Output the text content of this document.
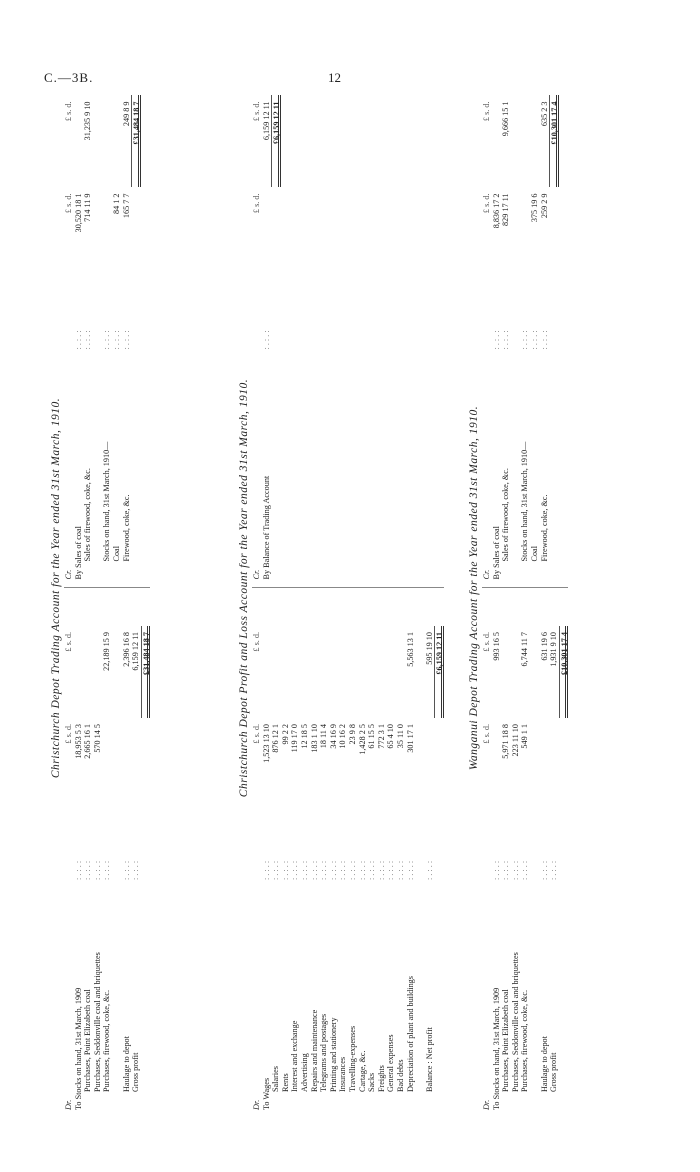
C.—3B.	12
Christchurch Depot Trading Account for the Year ended 31st March, 1910.
Dr.
£ s. d.
£ s. d.
To Stocks on hand, 31st March, 1909
: . : . :
18,953 5 3
Purchases, Point Elizabeth coal
: . : . :
2,665 16 1
Purchases, Seddonville coal and briquettes
: . : . :
570 14 5
Purchases, firewood, coke, &c.
: . : . :
22,189 15 9
Haulage to depot
: . : . :
2,396 16 8
Gross profit
: . : . :
6,159 12 11 £31,484 18 7
Cr.
£ s. d.
£ s. d.
By Sales of coal
: . : . :
30,520 18 1
Sales of firewood, coke, &c.
: . : . :
714 11 9
31,235 9 10
Stocks on hand, 31st March, 1910—
: . : . :
Coal
: . : . :
84 1 2
Firewood, coke, &c.
: . : . :
165 7 7
249 8 9 £31,484 18 7
Christchurch Depot Profit and Loss Account for the Year ended 31st March, 1910.
Dr.
£ s. d.
£ s. d.
To Wages
: . : . :
1,523 13 10
Salaries
: . : . :
876 12 1
Rents
: . : . :
99 2 2
Interest and exchange
: . : . :
119 17 0
Advertising
: . : . :
12 18 5
Repairs and maintenance
: . : . :
183 1 10
Telegrams and postages
: . : . :
18 11 4
Printing and stationery
: . : . :
34 16 9
Insurances
: . : . :
10 16 2
Travelling-expenses
: . : . :
23 9 8
Cartage, &c.
: . : . :
1,428 2 5
Sacks
: . : . :
61 15 5
Freights
: . : . :
772 3 1
General expenses
: . : . :
65 4 10
Bad debts
: . : . :
35 11 0
Depreciation of plant and buildings
: . : . :
301 17 1
5,563 13 1
Balance : Net profit
: . : . :
595 19 10 £6,159 12 11
Cr.
£ s. d.
£ s. d.
By Balance of Trading Account
: . : . :
6,159 12 11 £6,159 12 11
Wanganui Depot Trading Account for the Year ended 31st March, 1910.
Dr.
£ s. d.
£ s. d.
To Stocks on hand, 31st March, 1909
: . : . :
993 16 5
Purchases, Point Elizabeth coal
: . : . :
5,971 18 8
Purchases, Seddonville coal and briquettes
: . : . :
223 11 10
Purchases, firewood, coke, &c.
: . : . :
549 1 1
6,744 11 7
Haulage to depot
: . : . :
631 19 6
Gross profit
: . : . :
1,931 9 10 £10,301 17 4
Cr.
£ s. d.
£ s. d.
By Sales of coal
: . : . :
8,836 17 2
Sales of firewood, coke, &c.
: . : . :
829 17 11
9,666 15 1
Stocks on hand, 31st March, 1910—
: . : . :
Coal
: . : . :
375 19 6
Firewood, coke, &c.
: . : . :
259 2 9
635 2 3 £10,301 17 4
